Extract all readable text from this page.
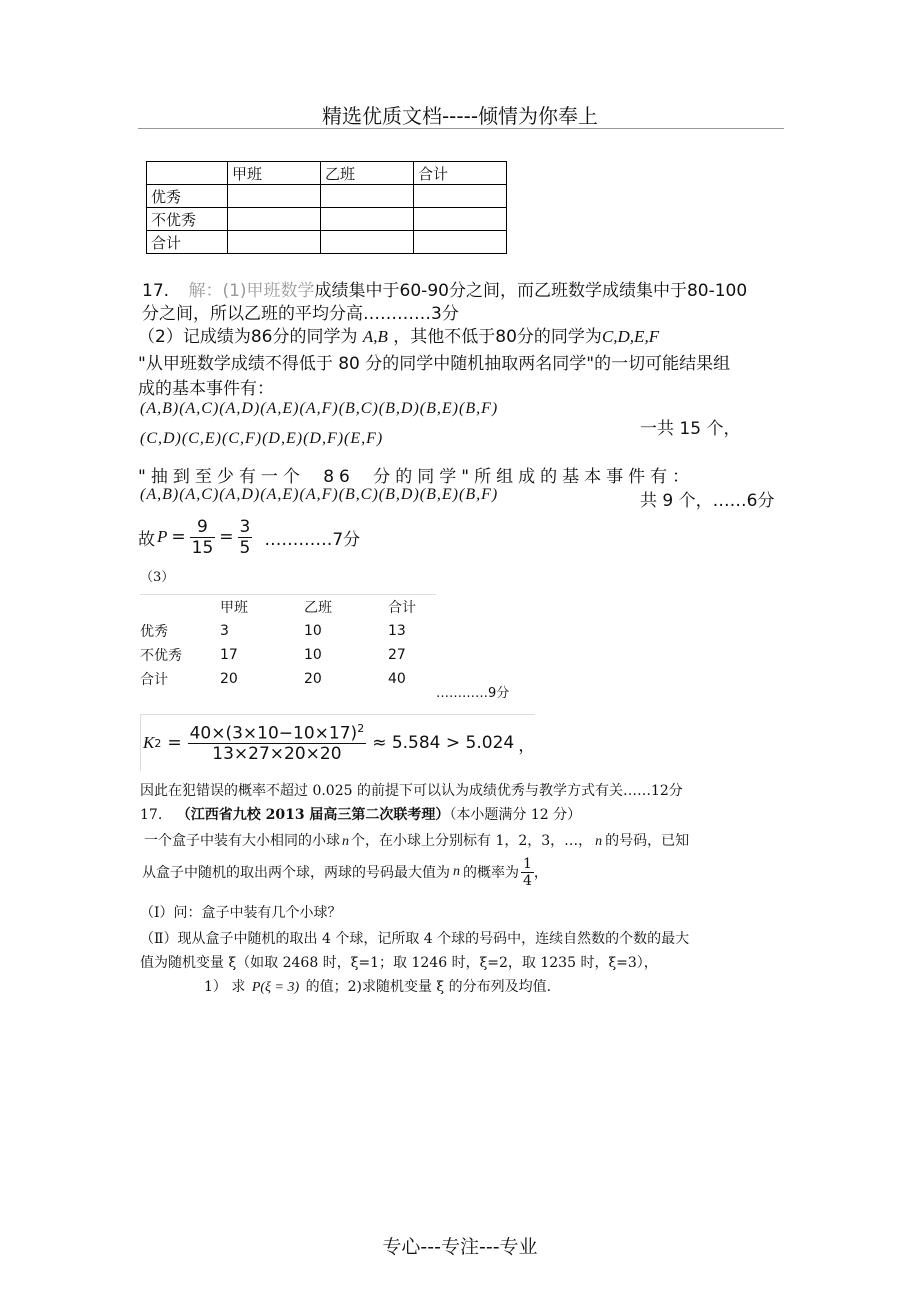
精选优质文档-----倾情为你奉上
	甲班	乙班	合计
优秀			
不优秀			
合计			
17. 解：(1)甲班数学成绩集中于60-90分之间，而乙班数学成绩集中于80-100
分之间，所以乙班的平均分高…………3分
（2）记成绩为86分的同学为 A,B ，其他不低于80分的同学为C,D,E,F
"从甲班数学成绩不得低于 80 分的同学中随机抽取两名同学"的一切可能结果组
成的基本事件有：
(A,B)(A,C)(A,D)(A,E)(A,F)(B,C)(B,D)(B,E)(B,F)
(C,D)(C,E)(C,F)(D,E)(D,F)(E,F)	一共 15 个，
"抽到至少有一个 86 分的同学"所组成的基本事件有：
(A,B)(A,C)(A,D)(A,E)(A,F)(B,C)(B,D)(B,E)(B,F)	共 9 个，……6分
故 $P = \frac{9}{15} = \frac{3}{5}$ …………7分
（3）
	甲班	乙班	合计
优秀	3	10	13
不优秀	17	10	27
合计	20	20	40
…………9分
K $2 = \frac{40\times(3\times 10-10\times 17)^2}{13\times 27\times 20\times 20} \approx 5.584 > 5.024$ ，
因此在犯错误的概率不超过 0.025 的前提下可以认为成绩优秀与教学方式有关……12分
17. （江西省九校 2013 届高三第二次联考理）（本小题满分 12 分）
一个盒子中装有大小相同的小球 n 个，在小球上分别标有 1，2，3，…， n 的号码，已知
从盒子中随机的取出两个球，两球的号码最大值为 n 的概率为 $\frac{1}{4}$ ，
（Ⅰ）问：盒子中装有几个小球？
（Ⅱ）现从盒子中随机的取出 4 个球，记所取 4 个球的号码中，连续自然数的个数的最大
值为随机变量 ξ（如取 2468 时，ξ=1；取 1246 时，ξ=2，取 1235 时，ξ=3），
1） 求 P(ξ = 3) 的值；2)求随机变量 ξ 的分布列及均值.
专心---专注---专业
